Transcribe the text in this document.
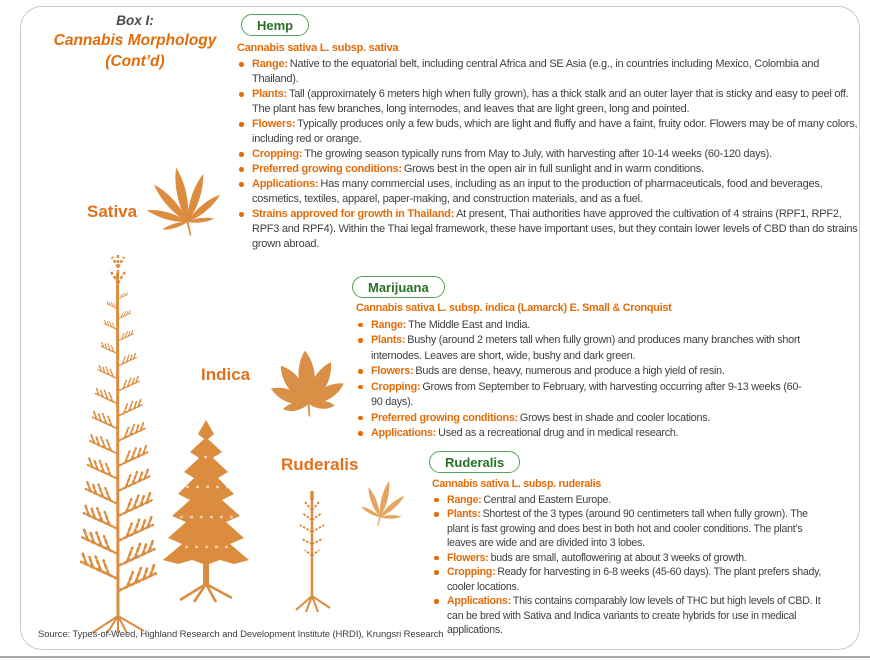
Box I:
Cannabis Morphology
(Cont’d)
Hemp
Marijuana
Ruderalis
Cannabis sativa L. subsp. sativa
Range: Native to the equatorial belt, including central Africa and SE Asia (e.g., in countries including Mexico, Colombia and Thailand).
Plants: Tall (approximately 6 meters high when fully grown), has a thick stalk and an outer layer that is sticky and easy to peel off. The plant has few branches, long internodes, and leaves that are light green, long and pointed.
Flowers: Typically produces only a few buds, which are light and fluffy and have a faint, fruity odor. Flowers may be of many colors, including red or orange.
Cropping: The growing season typically runs from May to July, with harvesting after 10-14 weeks (60-120 days).
Preferred growing conditions: Grows best in the open air in full sunlight and in warm conditions.
Applications: Has many commercial uses, including as an input to the production of pharmaceuticals, food and beverages, cosmetics, textiles, apparel, paper-making, and construction materials, and as a fuel.
Strains approved for growth in Thailand: At present, Thai authorities have approved the cultivation of 4 strains (RPF1, RPF2, RPF3 and RPF4). Within the Thai legal framework, these have important uses, but they contain lower levels of CBD than do strains grown abroad.
Cannabis sativa L. subsp. indica (Lamarck) E. Small & Cronquist
Range: The Middle East and India.
Plants: Bushy (around 2 meters tall when fully grown) and produces many branches with short internodes. Leaves are short, wide, bushy and dark green.
Flowers: Buds are dense, heavy, numerous and produce a high yield of resin.
Cropping: Grows from September to February, with harvesting occurring after 9-13 weeks (60-90 days).
Preferred growing conditions: Grows best in shade and cooler locations.
Applications: Used as a recreational drug and in medical research.
Cannabis sativa L. subsp. ruderalis
Range: Central and Eastern Europe.
Plants: Shortest of the 3 types (around 90 centimeters tall when fully grown). The plant is fast growing and does best in both hot and cooler conditions. The plant’s leaves are wide and are divided into 3 lobes.
Flowers: buds are small, autoflowering at about 3 weeks of growth.
Cropping: Ready for harvesting in 6-8 weeks (45-60 days). The plant prefers shady, cooler locations.
Applications: This contains comparably low levels of THC but high levels of CBD. It can be bred with Sativa and Indica variants to create hybrids for use in medical applications.
Sativa
Indica
Ruderalis
Source: Types-of-Weed, Highland Research and Development Institute (HRDI), Krungsri Research
